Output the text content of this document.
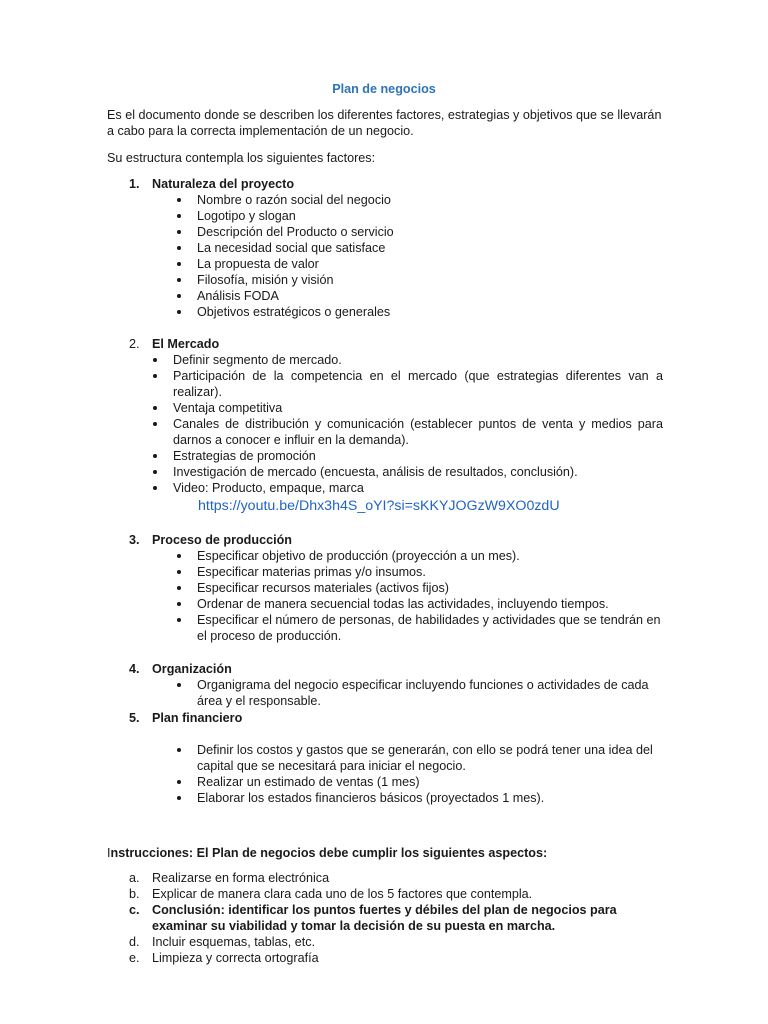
Plan de negocios
Es el documento donde se describen los diferentes factores, estrategias y objetivos que se llevarán a cabo para la correcta implementación de un negocio.
Su estructura contempla los siguientes factores:
1. Naturaleza del proyecto
Nombre o razón social del negocio
Logotipo y slogan
Descripción del Producto o servicio
La necesidad social que satisface
La propuesta de valor
Filosofía, misión y visión
Análisis FODA
Objetivos estratégicos o generales
2. El Mercado
Definir segmento de mercado.
Participación de la competencia en el mercado (que estrategias diferentes van a realizar).
Ventaja competitiva
Canales de distribución y comunicación (establecer puntos de venta y medios para darnos a conocer e influir en la demanda).
Estrategias de promoción
Investigación de mercado (encuesta, análisis de resultados, conclusión).
Video: Producto, empaque, marca
https://youtu.be/Dhx3h4S_oYI?si=sKKYJOGzW9XO0zdU
3. Proceso de producción
Especificar objetivo de producción (proyección a un mes).
Especificar materias primas y/o insumos.
Especificar recursos materiales (activos fijos)
Ordenar de manera secuencial todas las actividades, incluyendo tiempos.
Especificar el número de personas, de habilidades y actividades que se tendrán en el proceso de producción.
4. Organización
Organigrama del negocio especificar incluyendo funciones o actividades de cada área y el responsable.
5. Plan financiero
Definir los costos y gastos que se generarán, con ello se podrá tener una idea del capital que se necesitará para iniciar el negocio.
Realizar un estimado de ventas (1 mes)
Elaborar los estados financieros básicos (proyectados 1 mes).
Instrucciones: El Plan de negocios debe cumplir los siguientes aspectos:
a. Realizarse en forma electrónica
b. Explicar de manera clara cada uno de los 5 factores que contempla.
c. Conclusión: identificar los puntos fuertes y débiles del plan de negocios para examinar su viabilidad y tomar la decisión de su puesta en marcha.
d. Incluir esquemas, tablas, etc.
e. Limpieza y correcta ortografía
